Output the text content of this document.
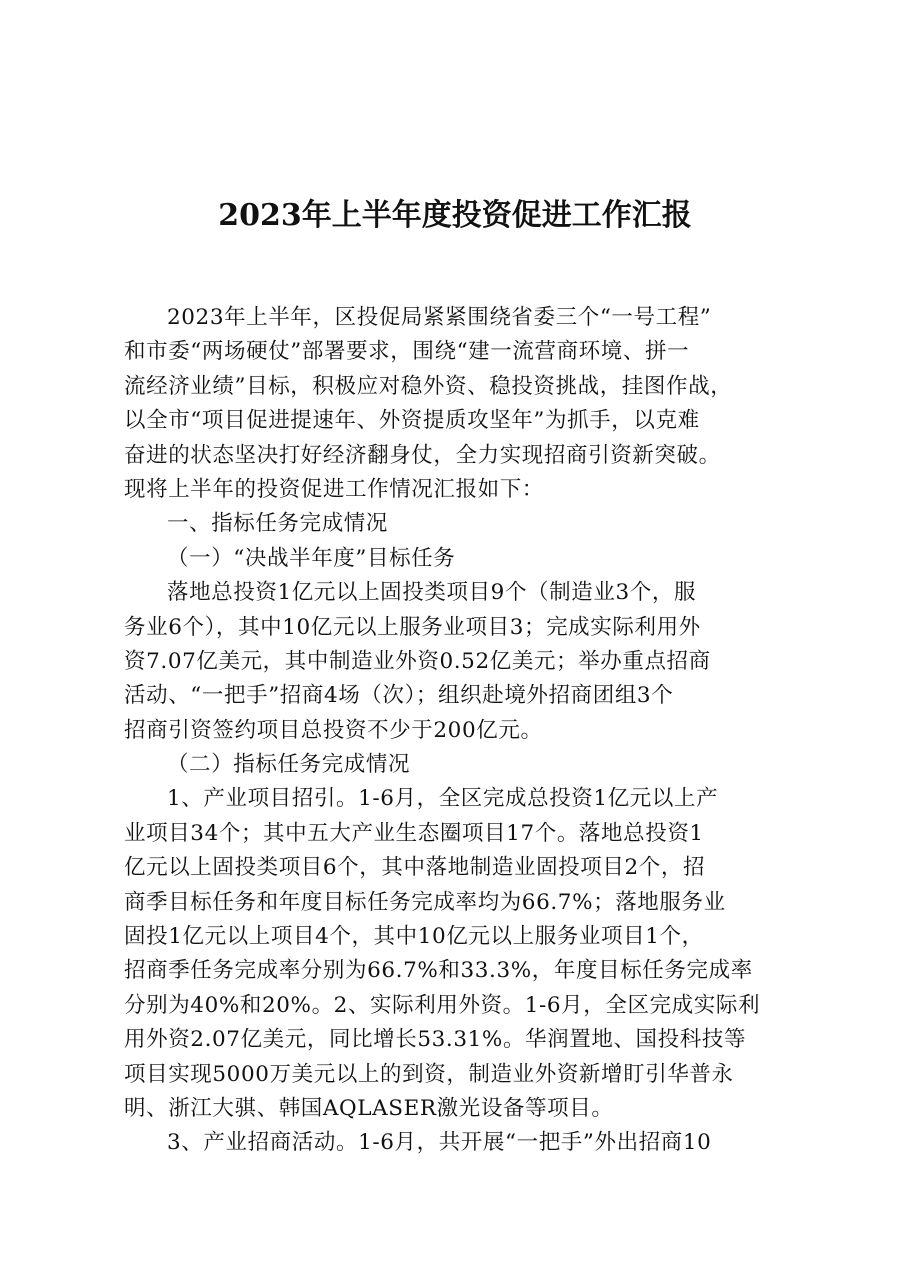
2023年上半年度投资促进工作汇报
2023年上半年，区投促局紧紧围绕省委三个“一号工程”
和市委“两场硬仗”部署要求，围绕“建一流营商环境、拼一
流经济业绩”目标，积极应对稳外资、稳投资挑战，挂图作战，
以全市“项目促进提速年、外资提质攻坚年”为抓手，以克难
奋进的状态坚决打好经济翻身仗，全力实现招商引资新突破。
现将上半年的投资促进工作情况汇报如下：
一、指标任务完成情况
（一）“决战半年度”目标任务
落地总投资1亿元以上固投类项目9个（制造业3个，服
务业6个），其中10亿元以上服务业项目3；完成实际利用外
资7.07亿美元，其中制造业外资0.52亿美元；举办重点招商
活动、“一把手”招商4场（次）；组织赴境外招商团组3个
招商引资签约项目总投资不少于200亿元。
（二）指标任务完成情况
1、产业项目招引。1-6月，全区完成总投资1亿元以上产
业项目34个；其中五大产业生态圈项目17个。落地总投资1
亿元以上固投类项目6个，其中落地制造业固投项目2个，招
商季目标任务和年度目标任务完成率均为66.7%；落地服务业
固投1亿元以上项目4个，其中10亿元以上服务业项目1个，
招商季任务完成率分别为66.7%和33.3%，年度目标任务完成率
分别为40%和20%。2、实际利用外资。1-6月，全区完成实际利
用外资2.07亿美元，同比增长53.31%。华润置地、国投科技等
项目实现5000万美元以上的到资，制造业外资新增盯引华普永
明、浙江大骐、韩国AQLASER激光设备等项目。
3、产业招商活动。1-6月，共开展“一把手”外出招商10
